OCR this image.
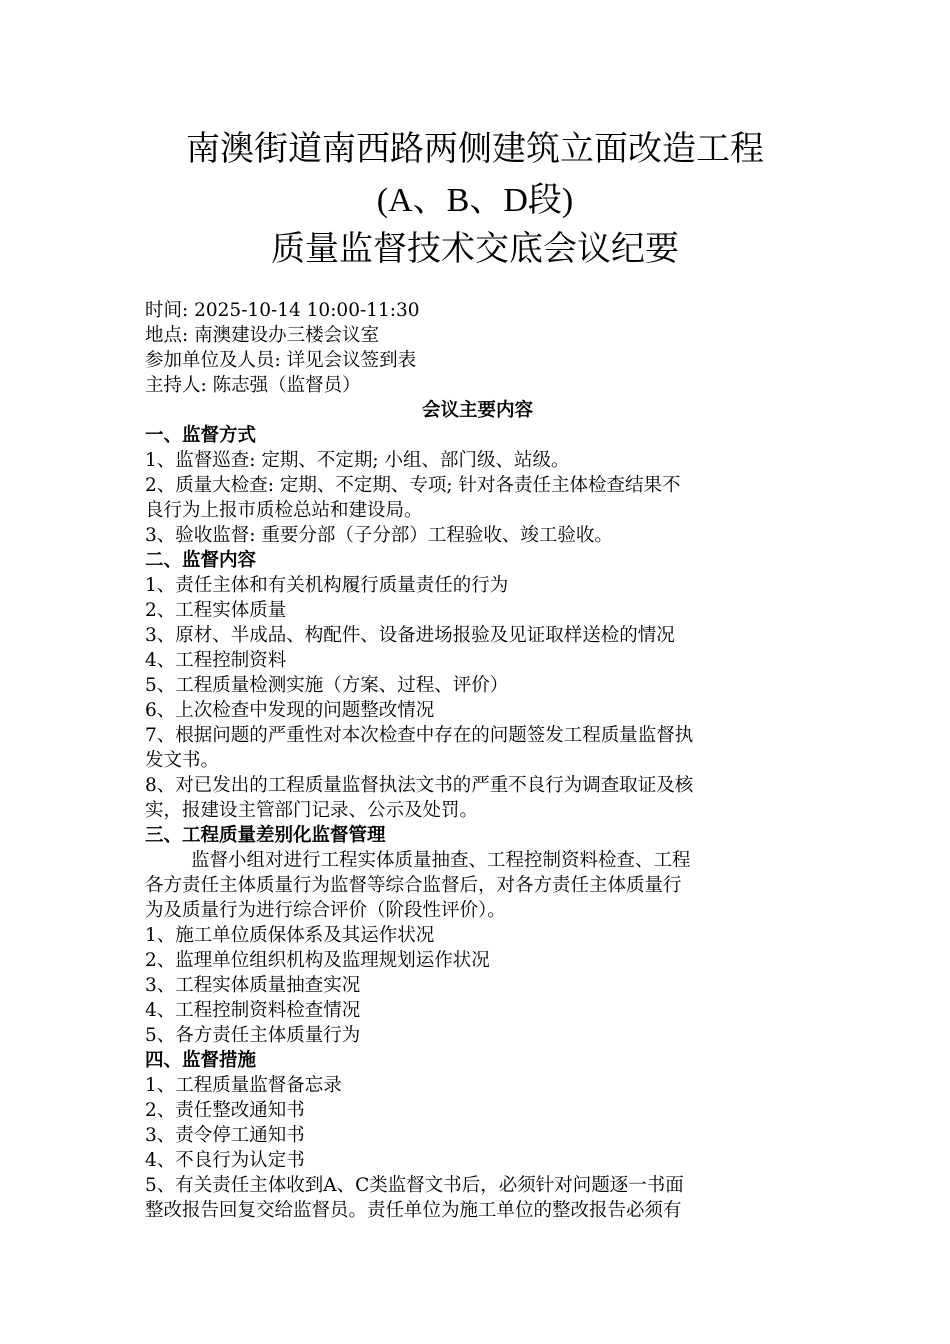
南澳街道南西路两侧建筑立面改造工程
(A、B、D段)
质量监督技术交底会议纪要
时间: 2025-10-14 10:00-11:30
地点: 南澳建设办三楼会议室
参加单位及人员: 详见会议签到表
主持人: 陈志强（监督员）
会议主要内容
一、监督方式
1、监督巡查: 定期、不定期; 小组、部门级、站级。
2、质量大检查: 定期、不定期、专项; 针对各责任主体检查结果不
良行为上报市质检总站和建设局。
3、验收监督: 重要分部（子分部）工程验收、竣工验收。
二、监督内容
1、责任主体和有关机构履行质量责任的行为
2、工程实体质量
3、原材、半成品、构配件、设备进场报验及见证取样送检的情况
4、工程控制资料
5、工程质量检测实施（方案、过程、评价）
6、上次检查中发现的问题整改情况
7、根据问题的严重性对本次检查中存在的问题签发工程质量监督执
发文书。
8、对已发出的工程质量监督执法文书的严重不良行为调查取证及核
实，报建设主管部门记录、公示及处罚。
三、工程质量差别化监督管理
监督小组对进行工程实体质量抽查、工程控制资料检查、工程
各方责任主体质量行为监督等综合监督后，对各方责任主体质量行
为及质量行为进行综合评价（阶段性评价）。
1、施工单位质保体系及其运作状况
2、监理单位组织机构及监理规划运作状况
3、工程实体质量抽查实况
4、工程控制资料检查情况
5、各方责任主体质量行为
四、监督措施
1、工程质量监督备忘录
2、责任整改通知书
3、责令停工通知书
4、不良行为认定书
5、有关责任主体收到A、C类监督文书后，必须针对问题逐一书面
整改报告回复交给监督员。责任单位为施工单位的整改报告必须有
